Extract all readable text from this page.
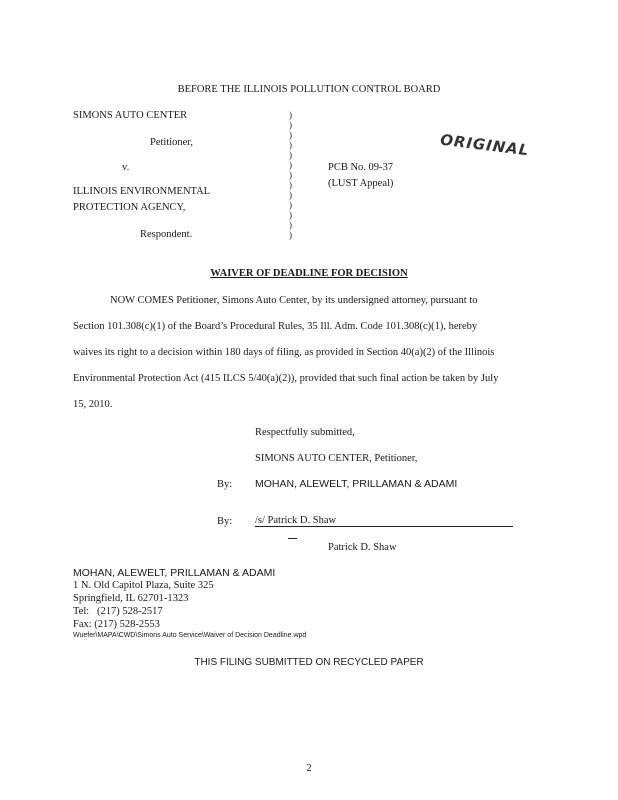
BEFORE THE ILLINOIS POLLUTION CONTROL BOARD
SIMONS AUTO CENTER
Petitioner,
v.
ILLINOIS ENVIRONMENTAL
PROTECTION AGENCY,
Respondent.
)
)
)
)
)
)
)
)
)
)
)
)
)
PCB No. 09-37
(LUST Appeal)
ORIGINAL
WAIVER OF DEADLINE FOR DECISION
NOW COMES Petitioner, Simons Auto Center, by its undersigned attorney, pursuant to
Section 101.308(c)(1) of the Board’s Procedural Rules, 35 Ill. Adm. Code 101.308(c)(1), hereby
waives its right to a decision within 180 days of filing, as provided in Section 40(a)(2) of the Illinois
Environmental Protection Act (415 ILCS 5/40(a)(2)), provided that such final action be taken by July
15, 2010.
Respectfully submitted,
SIMONS AUTO CENTER, Petitioner,
By: MOHAN, ALEWELT, PRILLAMAN & ADAMI
By: /s/ Patrick D. Shaw
Patrick D. Shaw
MOHAN, ALEWELT, PRILLAMAN & ADAMI
1 N. Old Capitol Plaza, Suite 325
Springfield, IL 62701-1323
Tel:   (217) 528-2517
Fax: (217) 528-2553
Wuefer\MAPA\CWD\Simons Auto Service\Waiver of Decision Deadline.wpd
THIS FILING SUBMITTED ON RECYCLED PAPER
2
